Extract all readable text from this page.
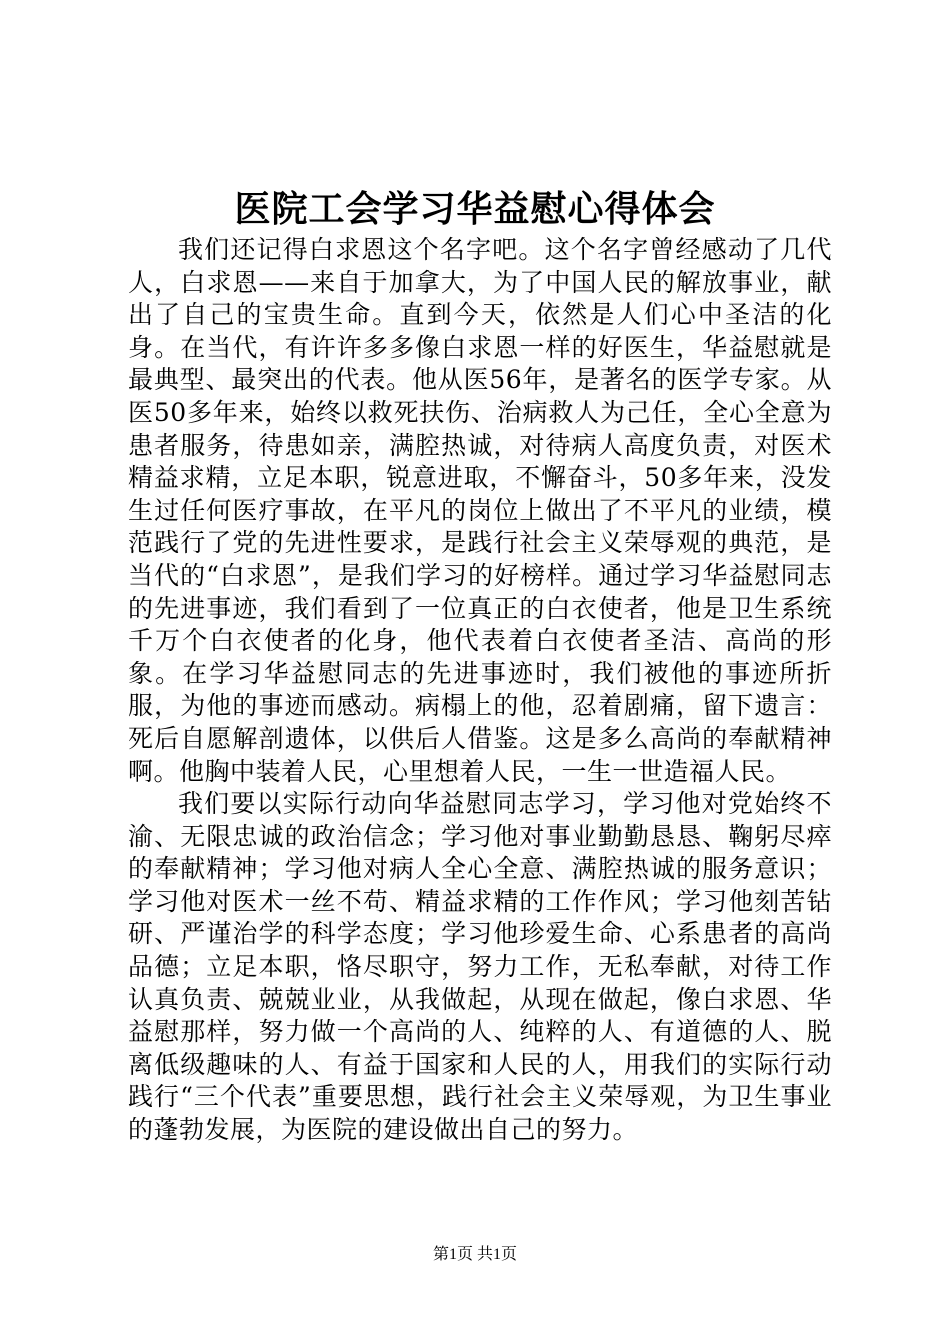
医院工会学习华益慰心得体会

我们还记得白求恩这个名字吧。这个名字曾经感动了几代人，白求恩——来自于加拿大，为了中国人民的解放事业，献出了自己的宝贵生命。直到今天，依然是人们心中圣洁的化身。在当代，有许许多多像白求恩一样的好医生，华益慰就是最典型、最突出的代表。他从医56年，是著名的医学专家。从医50多年来，始终以救死扶伤、治病救人为己任，全心全意为患者服务，待患如亲，满腔热诚，对待病人高度负责，对医术精益求精，立足本职，锐意进取，不懈奋斗，50多年来，没发生过任何医疗事故，在平凡的岗位上做出了不平凡的业绩，模范践行了党的先进性要求，是践行社会主义荣辱观的典范，是当代的“白求恩”，是我们学习的好榜样。通过学习华益慰同志的先进事迹，我们看到了一位真正的白衣使者，他是卫生系统千万个白衣使者的化身，他代表着白衣使者圣洁、高尚的形象。在学习华益慰同志的先进事迹时，我们被他的事迹所折服，为他的事迹而感动。病榻上的他，忍着剧痛，留下遗言：死后自愿解剖遗体，以供后人借鉴。这是多么高尚的奉献精神啊。他胸中装着人民，心里想着人民，一生一世造福人民。

我们要以实际行动向华益慰同志学习，学习他对党始终不渝、无限忠诚的政治信念；学习他对事业勤勤恳恳、鞠躬尽瘁的奉献精神；学习他对病人全心全意、满腔热诚的服务意识；学习他对医术一丝不苟、精益求精的工作作风；学习他刻苦钻研、严谨治学的科学态度；学习他珍爱生命、心系患者的高尚品德；立足本职，恪尽职守，努力工作，无私奉献，对待工作认真负责、兢兢业业，从我做起，从现在做起，像白求恩、华益慰那样，努力做一个高尚的人、纯粹的人、有道德的人、脱离低级趣味的人、有益于国家和人民的人，用我们的实际行动践行“三个代表”重要思想，践行社会主义荣辱观，为卫生事业的蓬勃发展，为医院的建设做出自己的努力。

第1页 共1页
